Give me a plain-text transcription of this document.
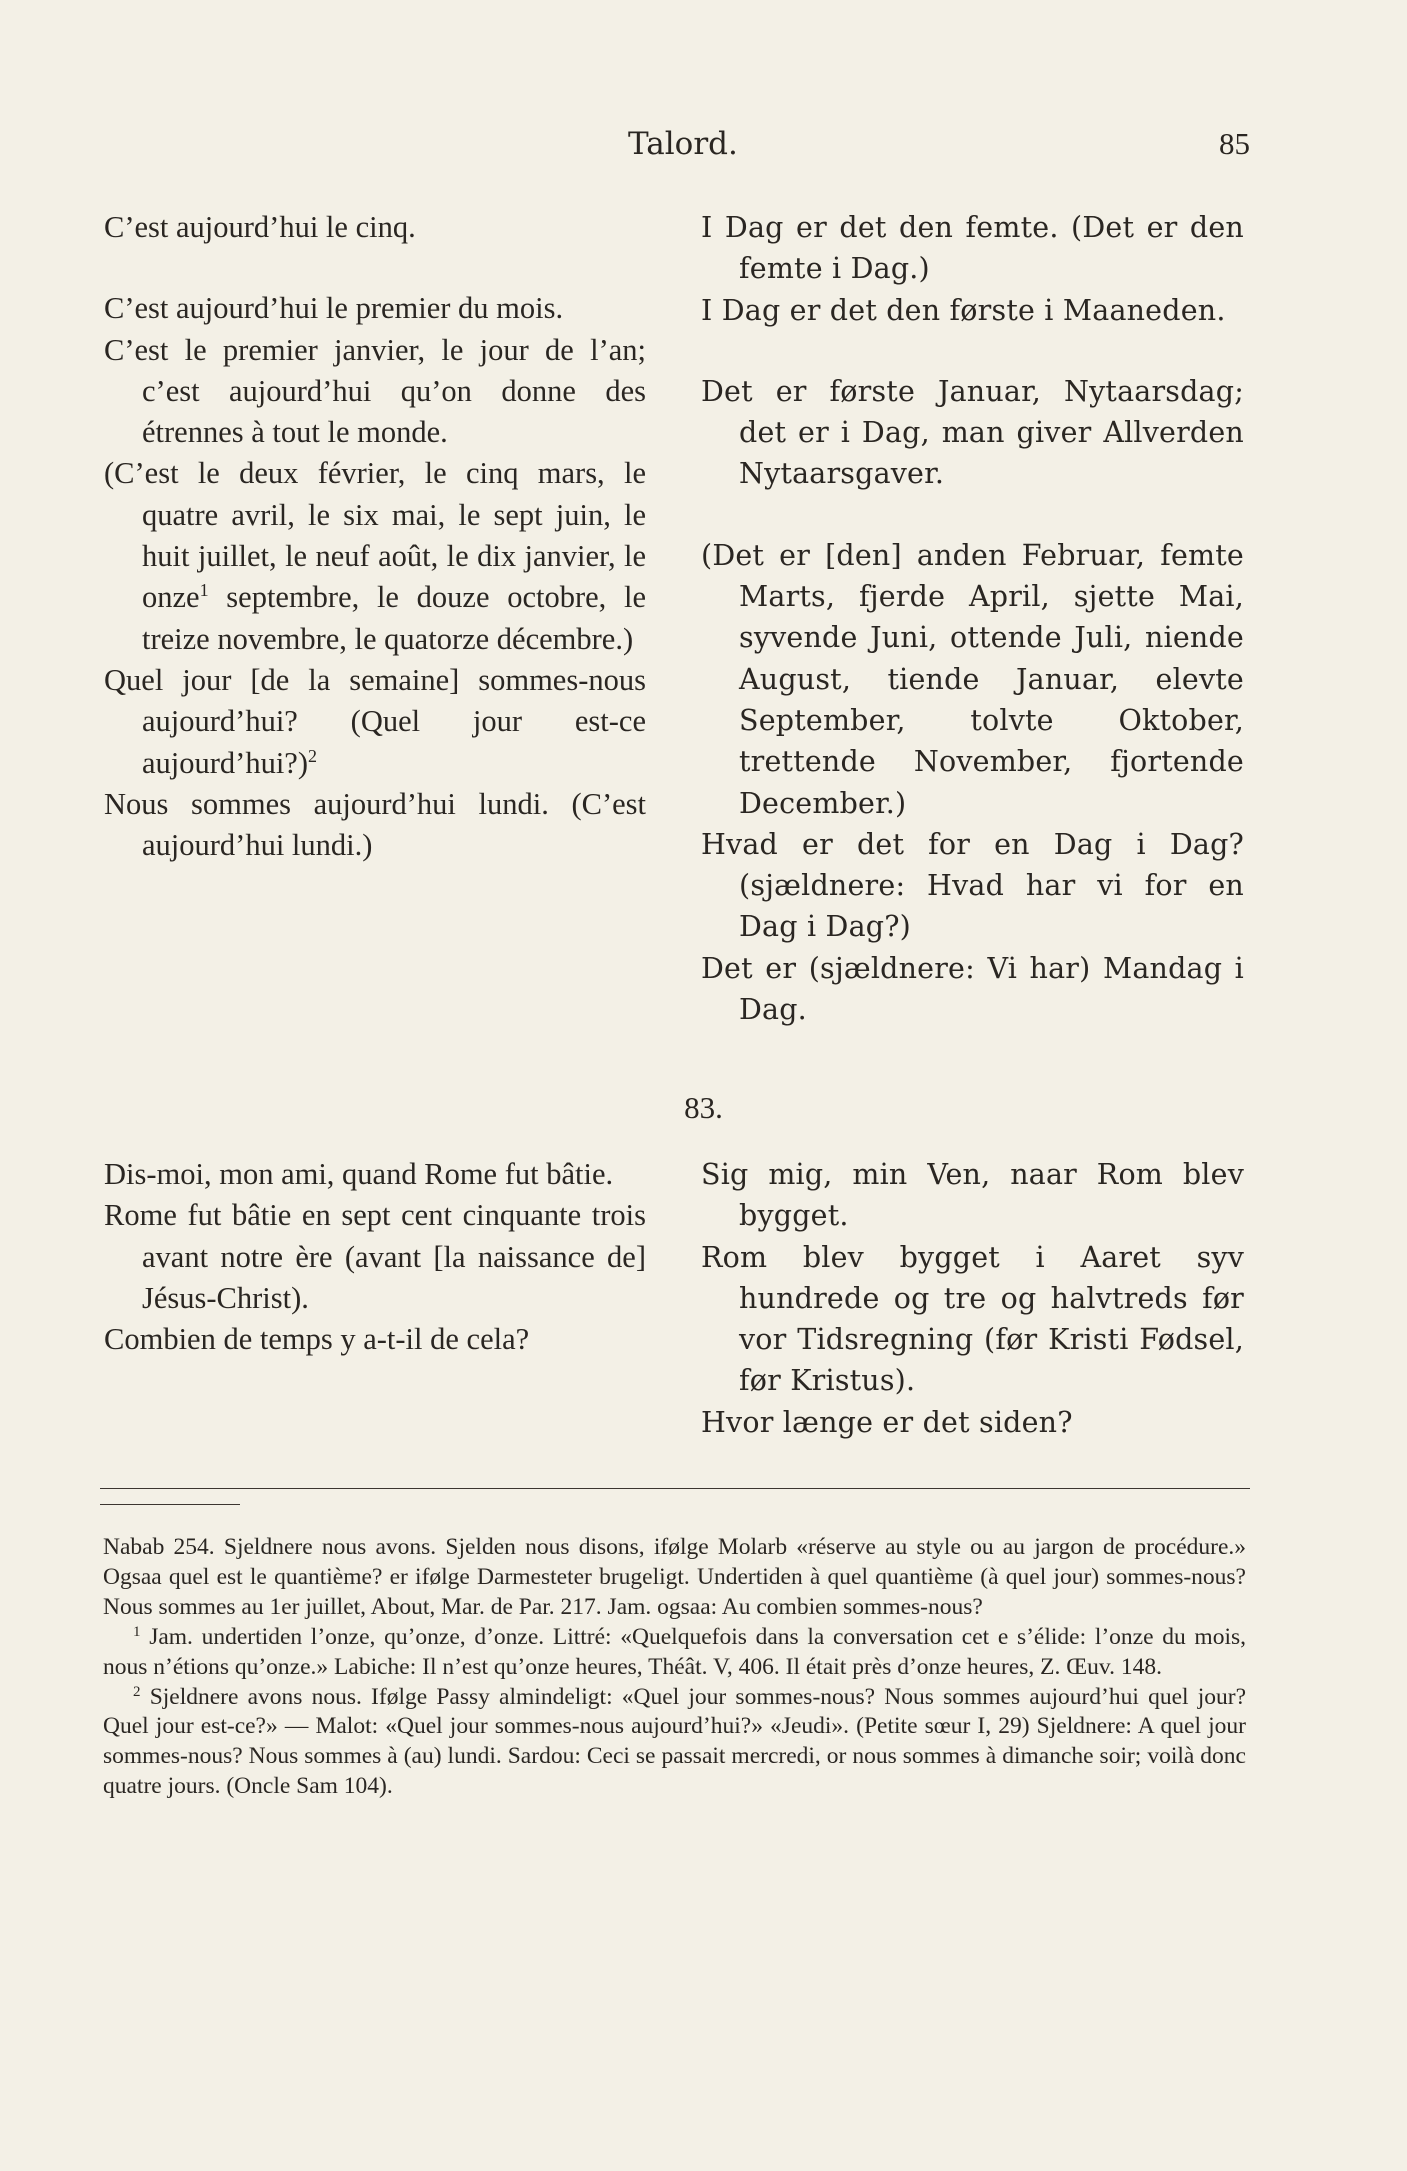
Talord.	85

C’est aujourd’hui le cinq.

C’est aujourd’hui le premier du mois.

C’est le premier janvier, le jour de l’an; c’est aujourd’hui qu’on donne des étrennes à tout le monde.

(C’est le deux février, le cinq mars, le quatre avril, le six mai, le sept juin, le huit juillet, le neuf août, le dix janvier, le onze$^1$ septembre, le douze octobre, le treize novembre, le quatorze décembre.)

Quel jour [de la semaine] sommes-nous aujourd’hui? (Quel jour est-ce aujourd’hui?)$^2$

Nous sommes aujourd’hui lundi. (C’est aujourd’hui lundi.)

I Dag er det den femte. (Det er den femte i Dag.)

I Dag er det den første i Maaneden.

Det er første Januar, Nytaarsdag; det er i Dag, man giver Allverden Nytaarsgaver.

(Det er [den] anden Februar, femte Marts, fjerde April, sjette Mai, syvende Juni, ottende Juli, niende August, tiende Januar, elevte September, tolvte Oktober, trettende November, fjortende December.)

Hvad er det for en Dag i Dag? (sjældnere: Hvad har vi for en Dag i Dag?)

Det er (sjældnere: Vi har) Mandag i Dag.

83.

Dis-moi, mon ami, quand Rome fut bâtie.

Rome fut bâtie en sept cent cinquante trois avant notre ère (avant [la naissance de] Jésus-Christ).

Combien de temps y a-t-il de cela?

Sig mig, min Ven, naar Rom blev bygget.

Rom blev bygget i Aaret syv hundrede og tre og halvtreds før vor Tidsregning (før Kristi Fødsel, før Kristus).

Hvor længe er det siden?

Nabab 254. Sjeldnere nous avons. Sjelden nous disons, ifølge Molarb «réserve au style ou au jargon de procédure.» Ogsaa quel est le quantième? er ifølge Darmesteter brugeligt. Undertiden à quel quantième (à quel jour) sommes-nous? Nous sommes au 1er juillet, About, Mar. de Par. 217. Jam. ogsaa: Au combien sommes-nous?

$^1$ Jam. undertiden l’onze, qu’onze, d’onze. Littré: «Quelquefois dans la conversation cet e s’élide: l’onze du mois, nous n’étions qu’onze.» Labiche: Il n’est qu’onze heures, Théât. V, 406. Il était près d’onze heures, Z. Œuv. 148.

$^2$ Sjeldnere avons nous. Ifølge Passy almindeligt: «Quel jour sommes-nous? Nous sommes aujourd’hui quel jour? Quel jour est-ce?» — Malot: «Quel jour sommes-nous aujourd’hui?» «Jeudi». (Petite sœur I, 29) Sjeldnere: A quel jour sommes-nous? Nous sommes à (au) lundi. Sardou: Ceci se passait mercredi, or nous sommes à dimanche soir; voilà donc quatre jours. (Oncle Sam 104).
